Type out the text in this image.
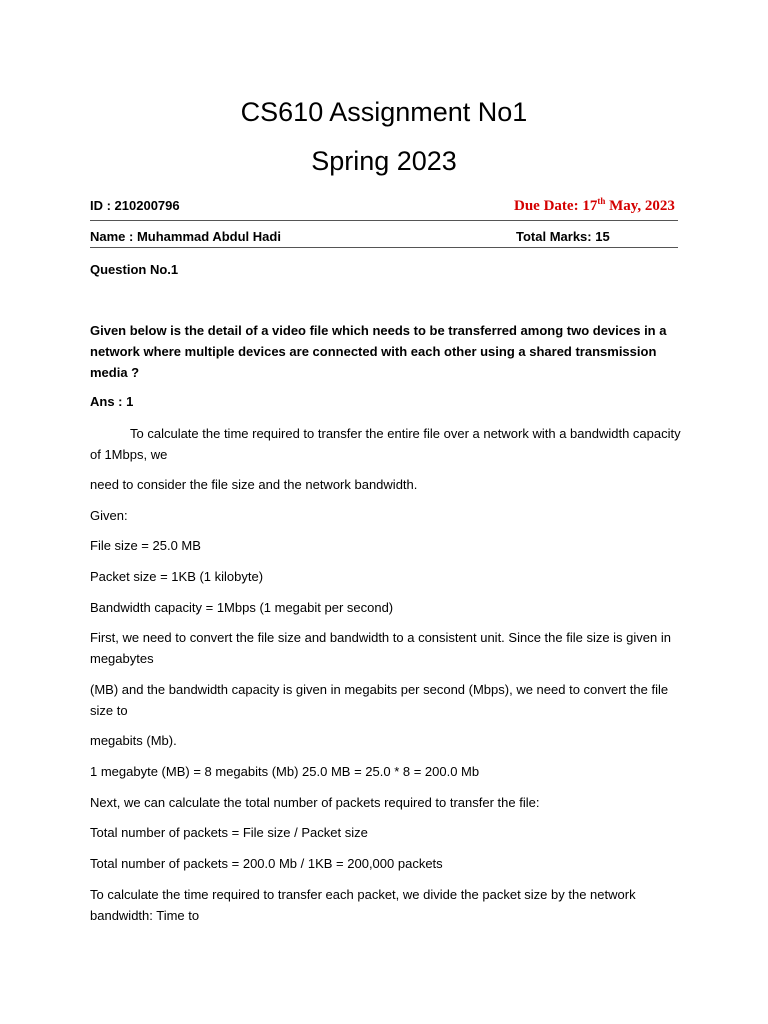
CS610 Assignment No1
Spring 2023
ID : 210200796	Due Date: 17th May, 2023
Name : Muhammad Abdul Hadi	Total Marks: 15
Question No.1
Given below is the detail of a video file which needs to be transferred among two devices in a network where multiple devices are connected with each other using a shared transmission media ?
Ans : 1
To calculate the time required to transfer the entire file over a network with a bandwidth capacity of 1Mbps, we
need to consider the file size and the network bandwidth.
Given:
File size = 25.0 MB
Packet size = 1KB (1 kilobyte)
Bandwidth capacity = 1Mbps (1 megabit per second)
First, we need to convert the file size and bandwidth to a consistent unit. Since the file size is given in megabytes
(MB) and the bandwidth capacity is given in megabits per second (Mbps), we need to convert the file size to
megabits (Mb).
1 megabyte (MB) = 8 megabits (Mb) 25.0 MB = 25.0 * 8 = 200.0 Mb
Next, we can calculate the total number of packets required to transfer the file:
Total number of packets = File size / Packet size
Total number of packets = 200.0 Mb / 1KB = 200,000 packets
To calculate the time required to transfer each packet, we divide the packet size by the network bandwidth: Time to
